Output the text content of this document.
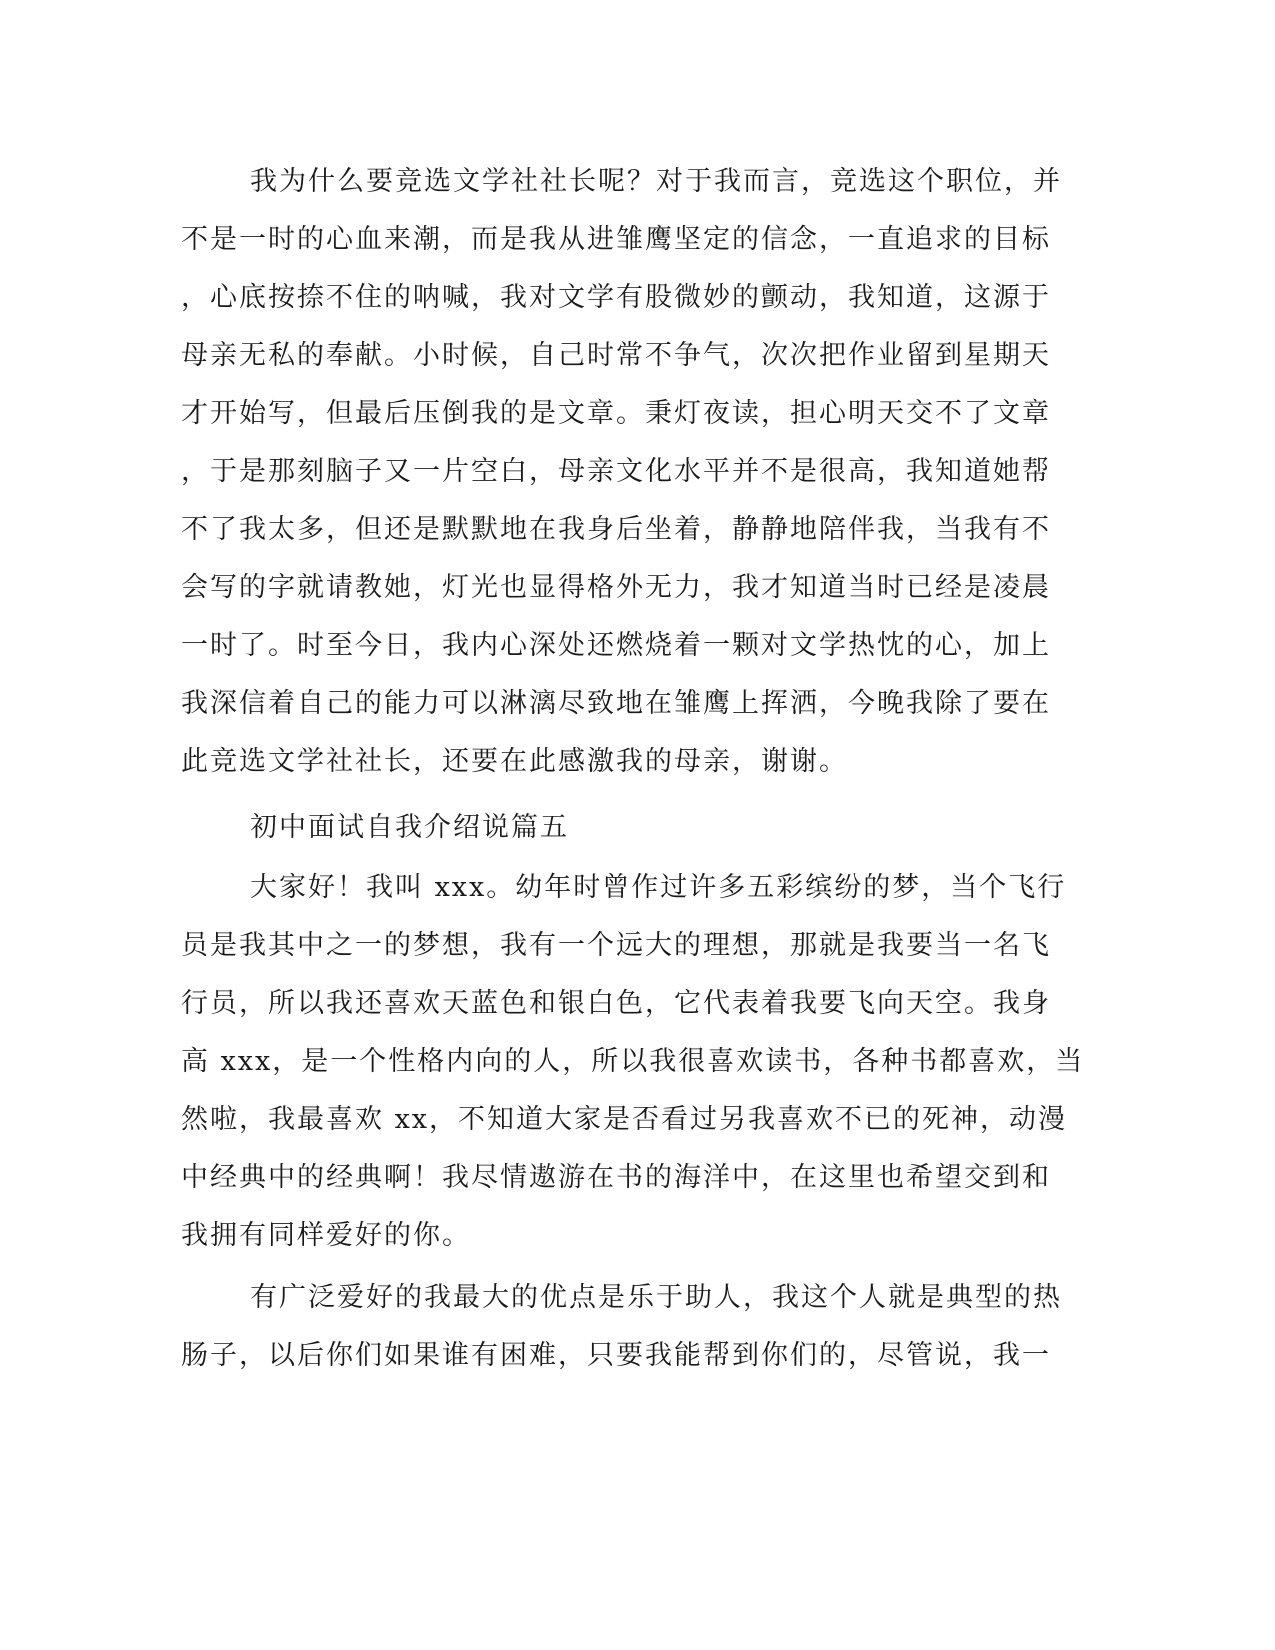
我为什么要竞选文学社社长呢？对于我而言，竞选这个职位，并
不是一时的心血来潮，而是我从进雏鹰坚定的信念，一直追求的目标
，心底按捺不住的呐喊，我对文学有股微妙的颤动，我知道，这源于
母亲无私的奉献。小时候，自己时常不争气，次次把作业留到星期天
才开始写，但最后压倒我的是文章。秉灯夜读，担心明天交不了文章
，于是那刻脑子又一片空白，母亲文化水平并不是很高，我知道她帮
不了我太多，但还是默默地在我身后坐着，静静地陪伴我，当我有不
会写的字就请教她，灯光也显得格外无力，我才知道当时已经是凌晨
一时了。时至今日，我内心深处还燃烧着一颗对文学热忱的心，加上
我深信着自己的能力可以淋漓尽致地在雏鹰上挥洒，今晚我除了要在
此竞选文学社社长，还要在此感激我的母亲，谢谢。
初中面试自我介绍说篇五
大家好！我叫 xxx。幼年时曾作过许多五彩缤纷的梦，当个飞行
员是我其中之一的梦想，我有一个远大的理想，那就是我要当一名飞
行员，所以我还喜欢天蓝色和银白色，它代表着我要飞向天空。我身
高 xxx，是一个性格内向的人，所以我很喜欢读书，各种书都喜欢，当
然啦，我最喜欢 xx，不知道大家是否看过另我喜欢不已的死神，动漫
中经典中的经典啊！我尽情遨游在书的海洋中，在这里也希望交到和
我拥有同样爱好的你。
有广泛爱好的我最大的优点是乐于助人，我这个人就是典型的热
肠子，以后你们如果谁有困难，只要我能帮到你们的，尽管说，我一
